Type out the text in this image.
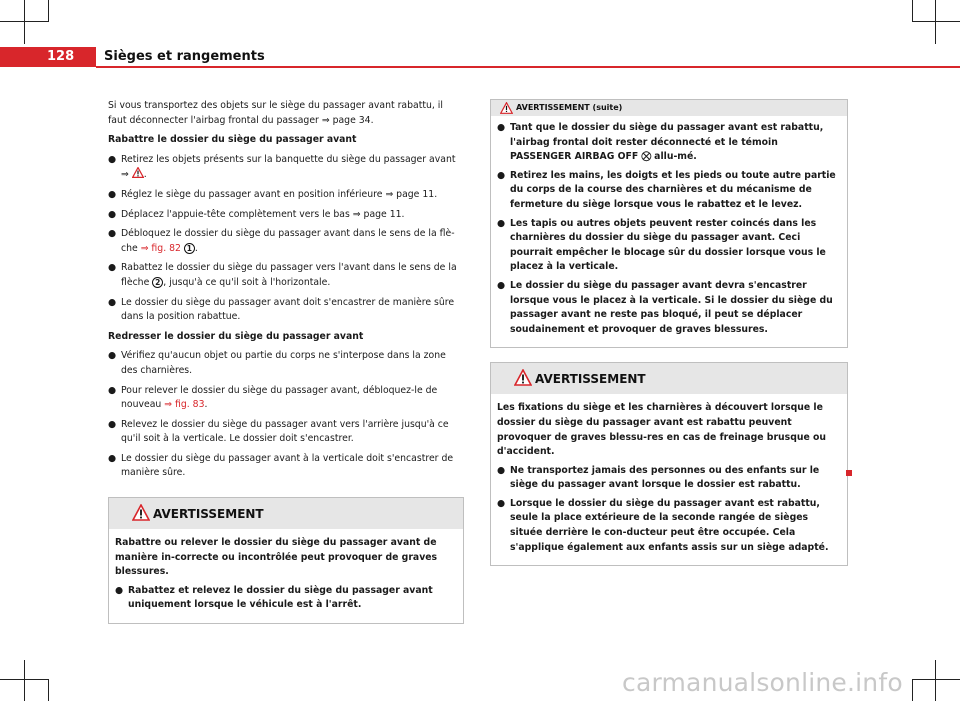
128	Sièges et rangements

Si vous transportez des objets sur le siège du passager avant rabattu, il faut déconnecter l'airbag frontal du passager ⇒ page 34.

Rabattre le dossier du siège du passager avant
● Retirez les objets présents sur la banquette du siège du passager avant
⇒ .
● Réglez le siège du passager avant en position inférieure ⇒ page 11.
● Déplacez l'appuie-tête complètement vers le bas ⇒ page 11.
● Débloquez le dossier du siège du passager avant dans le sens de la flè-che ⇒ fig. 82 1 .
● Rabattez le dossier du siège du passager vers l'avant dans le sens de la flèche 2 , jusqu'à ce qu'il soit à l'horizontale.
● Le dossier du siège du passager avant doit s'encastrer de manière sûre dans la position rabattue.
Redresser le dossier du siège du passager avant
● Vérifiez qu'aucun objet ou partie du corps ne s'interpose dans la zone des charnières.
● Pour relever le dossier du siège du passager avant, débloquez-le de nouveau ⇒ fig. 83.
● Relevez le dossier du siège du passager avant vers l'arrière jusqu'à ce qu'il soit à la verticale. Le dossier doit s'encastrer.
● Le dossier du siège du passager avant à la verticale doit s'encastrer de manière sûre.
AVERTISSEMENT

Rabattre ou relever le dossier du siège du passager avant de manière in-correcte ou incontrôlée peut provoquer de graves blessures.

● Rabattez et relevez le dossier du siège du passager avant uniquement lorsque le véhicule est à l'arrêt.
AVERTISSEMENT (suite)
● Tant que le dossier du siège du passager avant est rabattu, l'airbag frontal doit rester déconnecté et le témoin PASSENGER AIRBAG OFF ⛒ allu-mé.
● Retirez les mains, les doigts et les pieds ou toute autre partie du corps de la course des charnières et du mécanisme de fermeture du siège lorsque vous le rabattez et le levez.
● Les tapis ou autres objets peuvent rester coincés dans les charnières du dossier du siège du passager avant. Ceci pourrait empêcher le blocage sûr du dossier lorsque vous le placez à la verticale.
● Le dossier du siège du passager avant devra s'encastrer lorsque vous le placez à la verticale. Si le dossier du siège du passager avant ne reste pas bloqué, il peut se déplacer soudainement et provoquer de graves blessures.
AVERTISSEMENT

Les fixations du siège et les charnières à découvert lorsque le dossier du siège du passager avant est rabattu peuvent provoquer de graves blessu-res en cas de freinage brusque ou d'accident.

● Ne transportez jamais des personnes ou des enfants sur le siège du passager avant lorsque le dossier est rabattu.
● Lorsque le dossier du siège du passager avant est rabattu, seule la place extérieure de la seconde rangée de sièges située derrière le con-ducteur peut être occupée. Cela s'applique également aux enfants assis sur un siège adapté.
carmanualsonline.info
